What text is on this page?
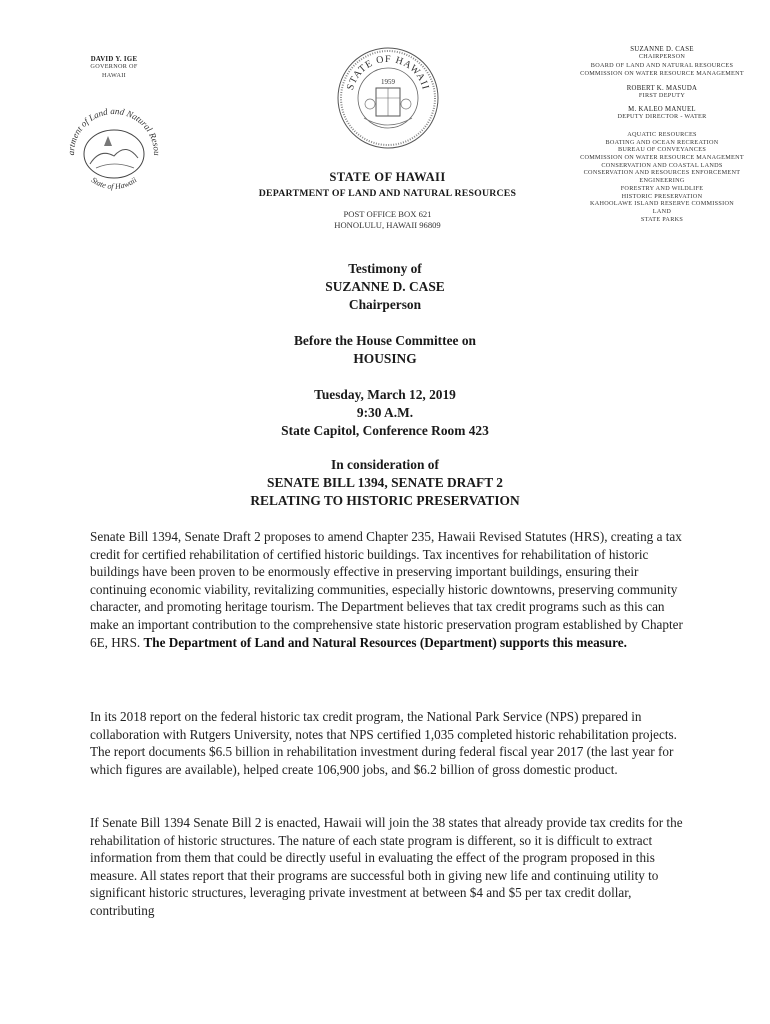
DAVID Y. IGE
GOVERNOR OF
HAWAII
artment of Land and Natural Resou
State of Hawaii
STATE OF HAWAII
1959
SUZANNE D. CASE
CHAIRPERSON
BOARD OF LAND AND NATURAL RESOURCES
COMMISSION ON WATER RESOURCE MANAGEMENT
ROBERT K. MASUDA
FIRST DEPUTY
M. KALEO MANUEL
DEPUTY DIRECTOR - WATER
AQUATIC RESOURCES
BOATING AND OCEAN RECREATION
BUREAU OF CONVEYANCES
COMMISSION ON WATER RESOURCE MANAGEMENT
CONSERVATION AND COASTAL LANDS
CONSERVATION AND RESOURCES ENFORCEMENT
ENGINEERING
FORESTRY AND WILDLIFE
HISTORIC PRESERVATION
KAHOOLAWE ISLAND RESERVE COMMISSION
LAND
STATE PARKS
STATE OF HAWAII
DEPARTMENT OF LAND AND NATURAL RESOURCES
POST OFFICE BOX 621
HONOLULU, HAWAII 96809
Testimony of
SUZANNE D. CASE
Chairperson
Before the House Committee on
HOUSING
Tuesday, March 12, 2019
9:30 A.M.
State Capitol, Conference Room 423
In consideration of
SENATE BILL 1394, SENATE DRAFT 2
RELATING TO HISTORIC PRESERVATION
Senate Bill 1394, Senate Draft 2 proposes to amend Chapter 235, Hawaii Revised Statutes (HRS), creating a tax credit for certified rehabilitation of certified historic buildings. Tax incentives for rehabilitation of historic buildings have been proven to be enormously effective in preserving important buildings, ensuring their continuing economic viability, revitalizing communities, especially historic downtowns, preserving community character, and promoting heritage tourism. The Department believes that tax credit programs such as this can make an important contribution to the comprehensive state historic preservation program established by Chapter 6E, HRS. The Department of Land and Natural Resources (Department) supports this measure.
In its 2018 report on the federal historic tax credit program, the National Park Service (NPS) prepared in collaboration with Rutgers University, notes that NPS certified 1,035 completed historic rehabilitation projects. The report documents $6.5 billion in rehabilitation investment during federal fiscal year 2017 (the last year for which figures are available), helped create 106,900 jobs, and $6.2 billion of gross domestic product.
If Senate Bill 1394 Senate Bill 2 is enacted, Hawaii will join the 38 states that already provide tax credits for the rehabilitation of historic structures. The nature of each state program is different, so it is difficult to extract information from them that could be directly useful in evaluating the effect of the program proposed in this measure. All states report that their programs are successful both in giving new life and continuing utility to significant historic structures, leveraging private investment at between $4 and $5 per tax credit dollar, contributing
